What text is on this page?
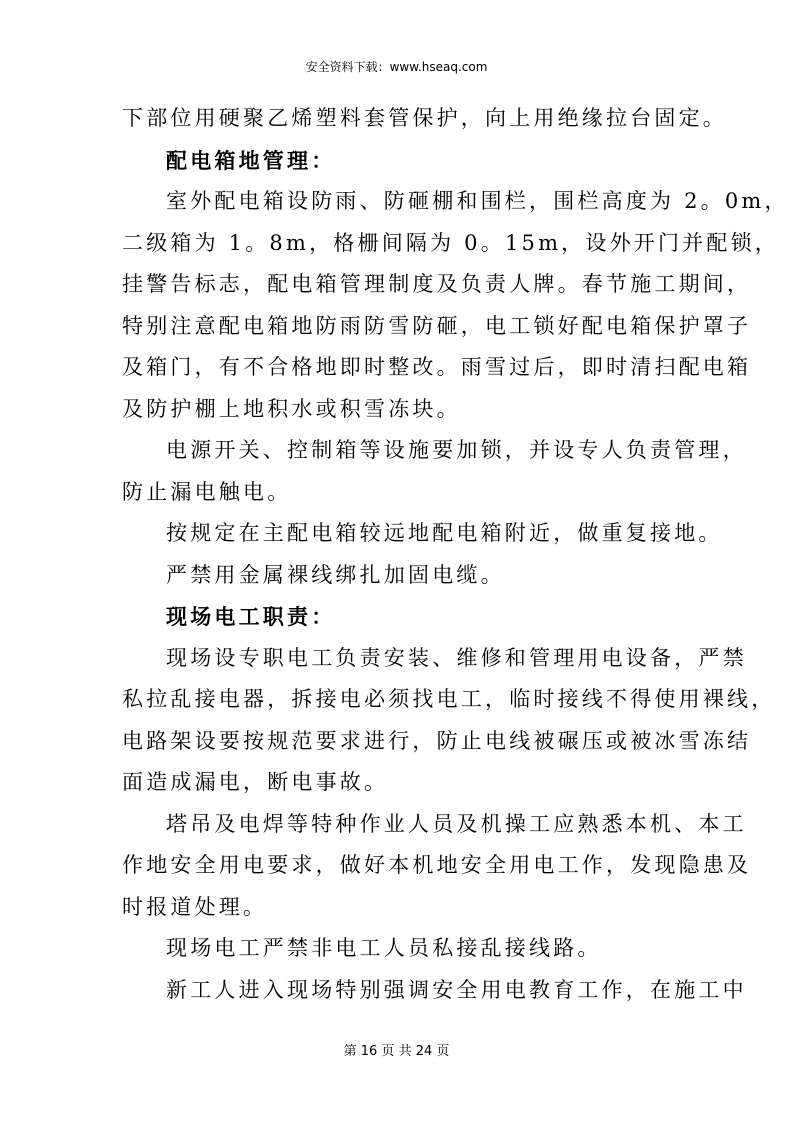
安全资料下载：www.hseaq.com
下部位用硬聚乙烯塑料套管保护，向上用绝缘拉台固定。
配电箱地管理：
室外配电箱设防雨、防砸棚和围栏，围栏高度为 2。0m，
二级箱为 1。8m，格栅间隔为 0。15m，设外开门并配锁，
挂警告标志，配电箱管理制度及负责人牌。春节施工期间，
特别注意配电箱地防雨防雪防砸，电工锁好配电箱保护罩子
及箱门，有不合格地即时整改。雨雪过后，即时清扫配电箱
及防护棚上地积水或积雪冻块。
电源开关、控制箱等设施要加锁，并设专人负责管理，
防止漏电触电。
按规定在主配电箱较远地配电箱附近，做重复接地。
严禁用金属裸线绑扎加固电缆。
现场电工职责：
现场设专职电工负责安装、维修和管理用电设备，严禁
私拉乱接电器，拆接电必须找电工，临时接线不得使用裸线，
电路架设要按规范要求进行，防止电线被碾压或被冰雪冻结
面造成漏电，断电事故。
塔吊及电焊等特种作业人员及机操工应熟悉本机、本工
作地安全用电要求，做好本机地安全用电工作，发现隐患及
时报道处理。
现场电工严禁非电工人员私接乱接线路。
新工人进入现场特别强调安全用电教育工作，在施工中
第 16 页 共 24 页
